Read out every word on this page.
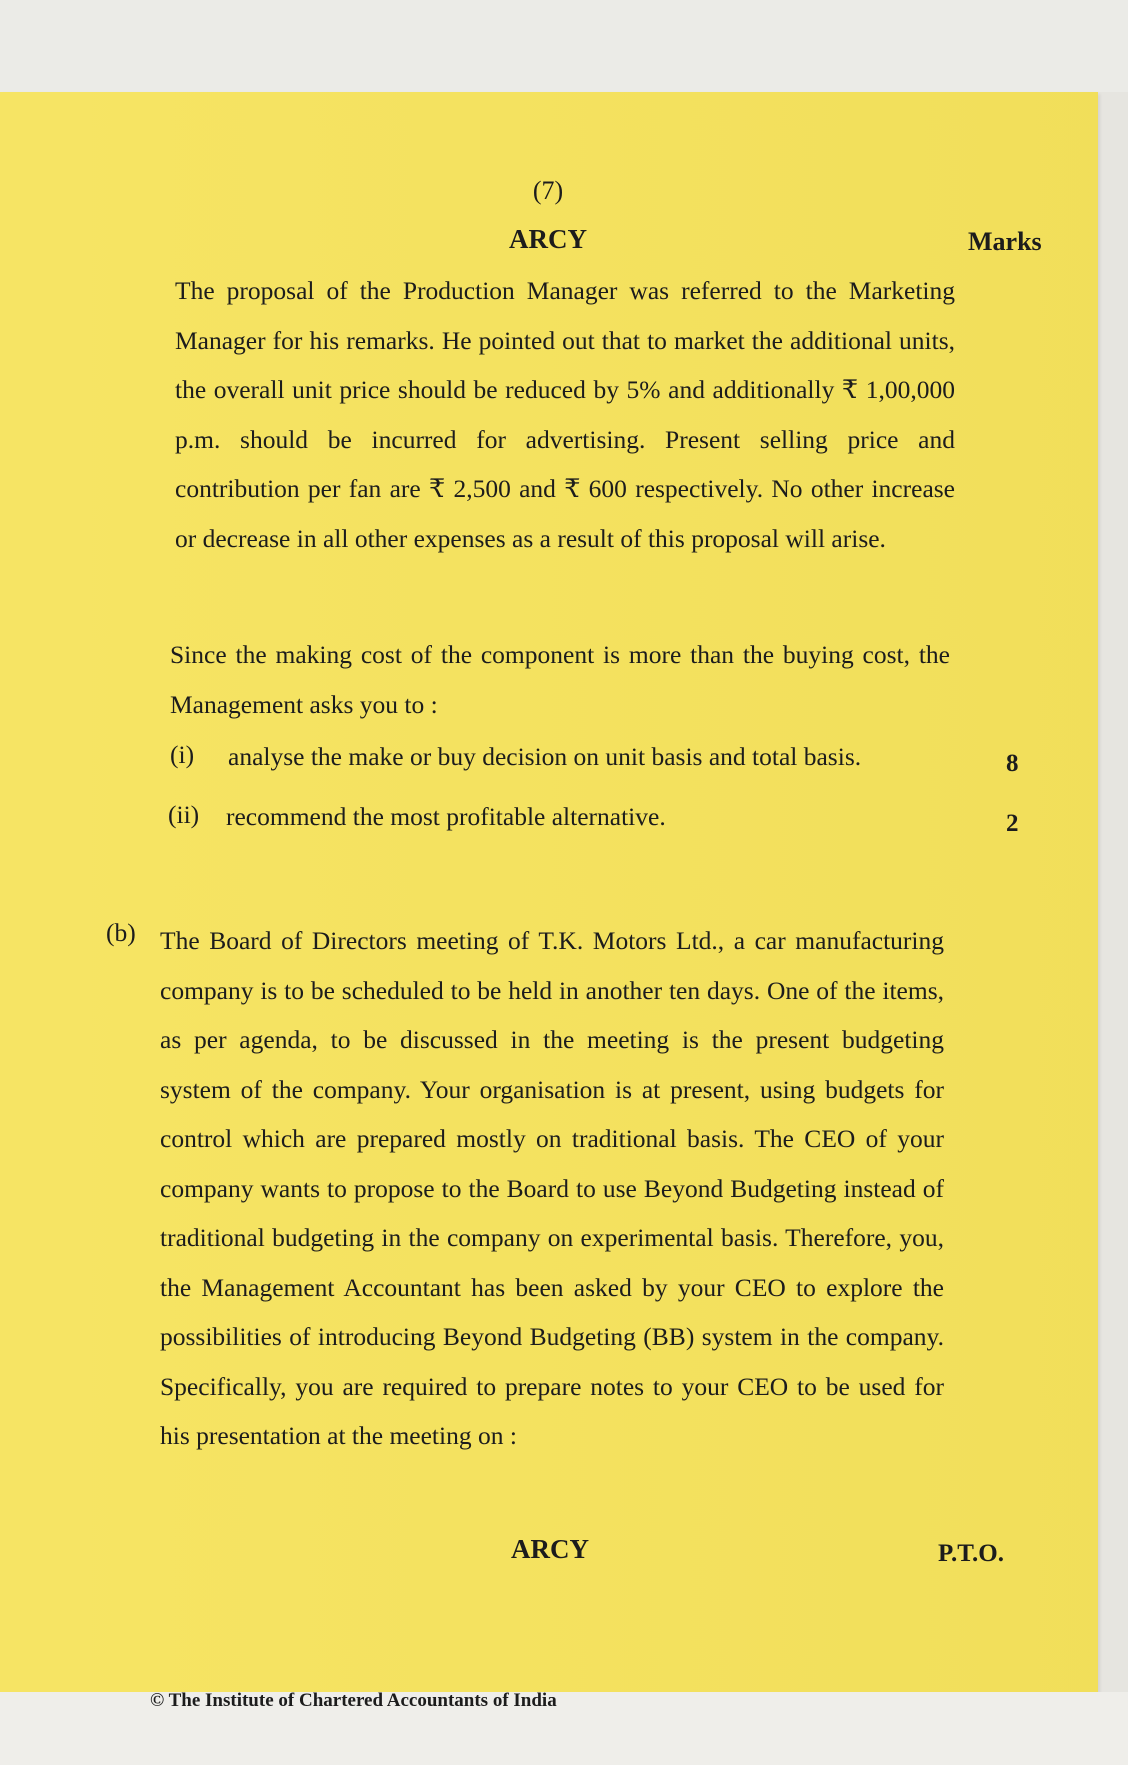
(7)
ARCY	Marks
The proposal of the Production Manager was referred to the Marketing Manager for his remarks. He pointed out that to market the additional units, the overall unit price should be reduced by 5% and additionally ₹ 1,00,000 p.m. should be incurred for advertising. Present selling price and contribution per fan are ₹ 2,500 and ₹ 600 respectively. No other increase or decrease in all other expenses as a result of this proposal will arise.
Since the making cost of the component is more than the buying cost, the Management asks you to :
(i) analyse the make or buy decision on unit basis and total basis.	8
(ii) recommend the most profitable alternative.	2
(b) The Board of Directors meeting of T.K. Motors Ltd., a car manufacturing company is to be scheduled to be held in another ten days. One of the items, as per agenda, to be discussed in the meeting is the present budgeting system of the company. Your organisation is at present, using budgets for control which are prepared mostly on traditional basis. The CEO of your company wants to propose to the Board to use Beyond Budgeting instead of traditional budgeting in the company on experimental basis. Therefore, you, the Management Accountant has been asked by your CEO to explore the possibilities of introducing Beyond Budgeting (BB) system in the company. Specifically, you are required to prepare notes to your CEO to be used for his presentation at the meeting on :
ARCY	P.T.O.
© The Institute of Chartered Accountants of India
